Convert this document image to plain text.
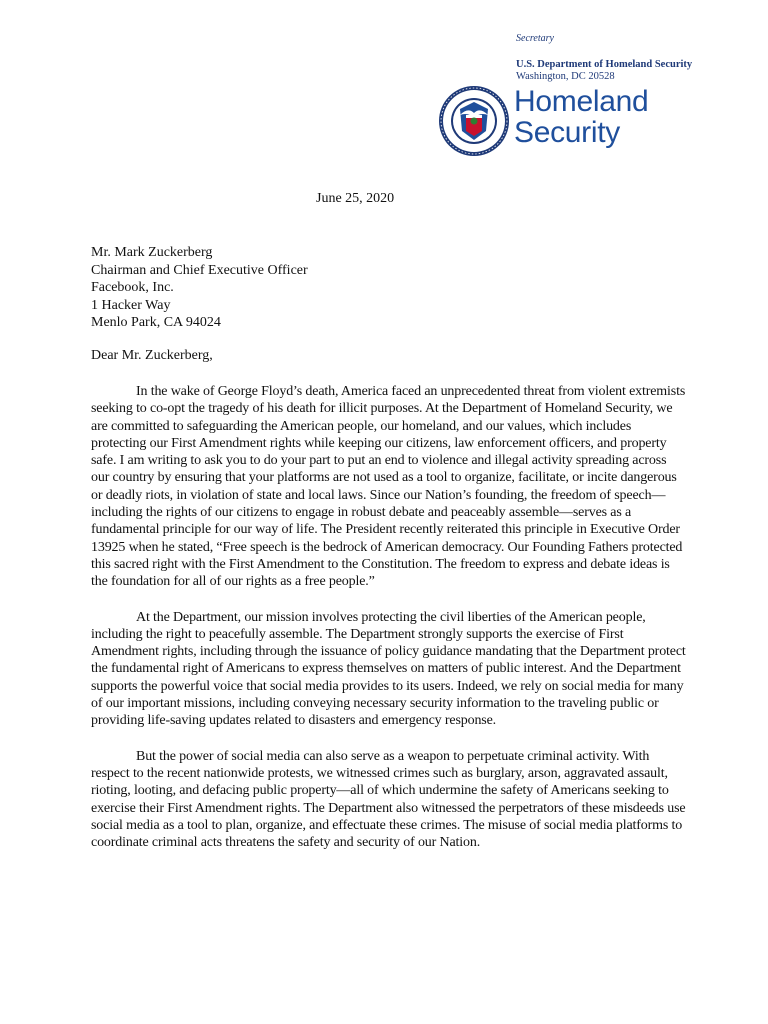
Secretary
U.S. Department of Homeland Security
Washington, DC 20528
Homeland
Security
June 25, 2020
Mr. Mark Zuckerberg
Chairman and Chief Executive Officer
Facebook, Inc.
1 Hacker Way
Menlo Park, CA 94024
Dear Mr. Zuckerberg,

In the wake of George Floyd’s death, America faced an unprecedented threat from violent extremists seeking to co-opt the tragedy of his death for illicit purposes. At the Department of Homeland Security, we are committed to safeguarding the American people, our homeland, and our values, which includes protecting our First Amendment rights while keeping our citizens, law enforcement officers, and property safe. I am writing to ask you to do your part to put an end to violence and illegal activity spreading across our country by ensuring that your platforms are not used as a tool to organize, facilitate, or incite dangerous or deadly riots, in violation of state and local laws. Since our Nation’s founding, the freedom of speech—including the rights of our citizens to engage in robust debate and peaceably assemble—serves as a fundamental principle for our way of life. The President recently reiterated this principle in Executive Order 13925 when he stated, “Free speech is the bedrock of American democracy. Our Founding Fathers protected this sacred right with the First Amendment to the Constitution. The freedom to express and debate ideas is the foundation for all of our rights as a free people.”

At the Department, our mission involves protecting the civil liberties of the American people, including the right to peacefully assemble. The Department strongly supports the exercise of First Amendment rights, including through the issuance of policy guidance mandating that the Department protect the fundamental right of Americans to express themselves on matters of public interest. And the Department supports the powerful voice that social media provides to its users. Indeed, we rely on social media for many of our important missions, including conveying necessary security information to the traveling public or providing life-saving updates related to disasters and emergency response.

But the power of social media can also serve as a weapon to perpetuate criminal activity. With respect to the recent nationwide protests, we witnessed crimes such as burglary, arson, aggravated assault, rioting, looting, and defacing public property—all of which undermine the safety of Americans seeking to exercise their First Amendment rights. The Department also witnessed the perpetrators of these misdeeds use social media as a tool to plan, organize, and effectuate these crimes. The misuse of social media platforms to coordinate criminal acts threatens the safety and security of our Nation.
